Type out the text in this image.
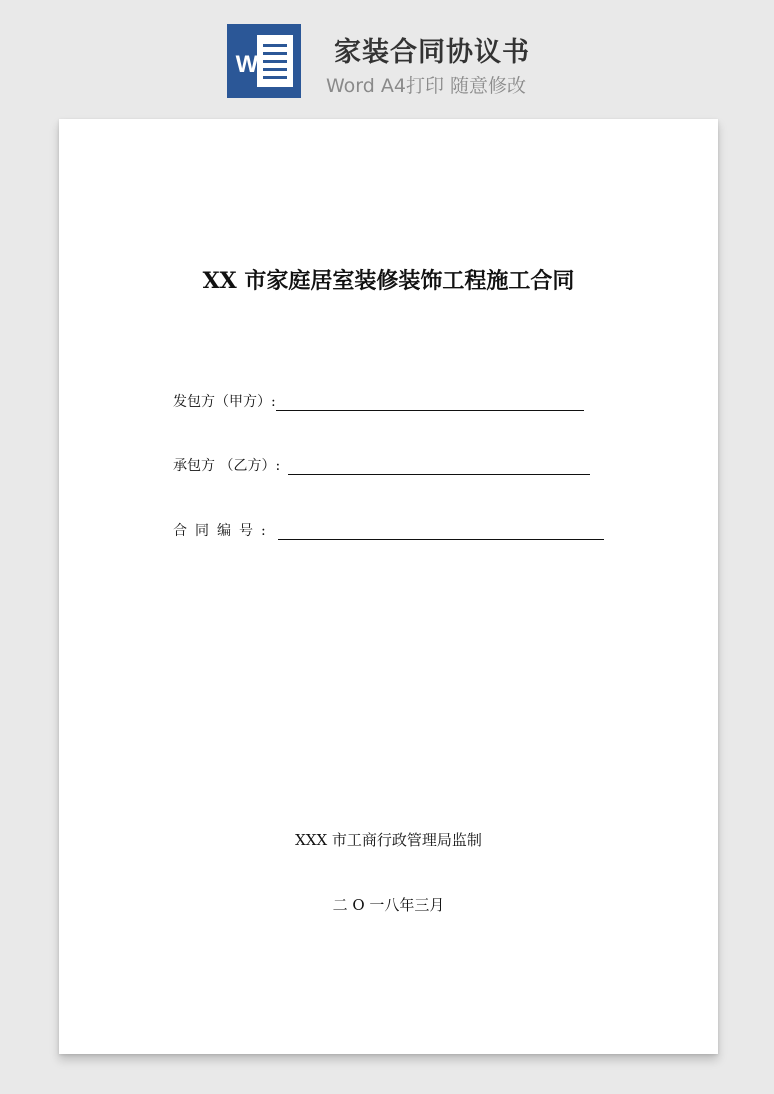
W	家装合同协议书
Word A4打印 随意修改
XX 市家庭居室装修装饰工程施工合同
发包方（甲方）:
承包方 （乙方）:
合同编号:
XXX 市工商行政管理局监制
二 O 一八年三月
